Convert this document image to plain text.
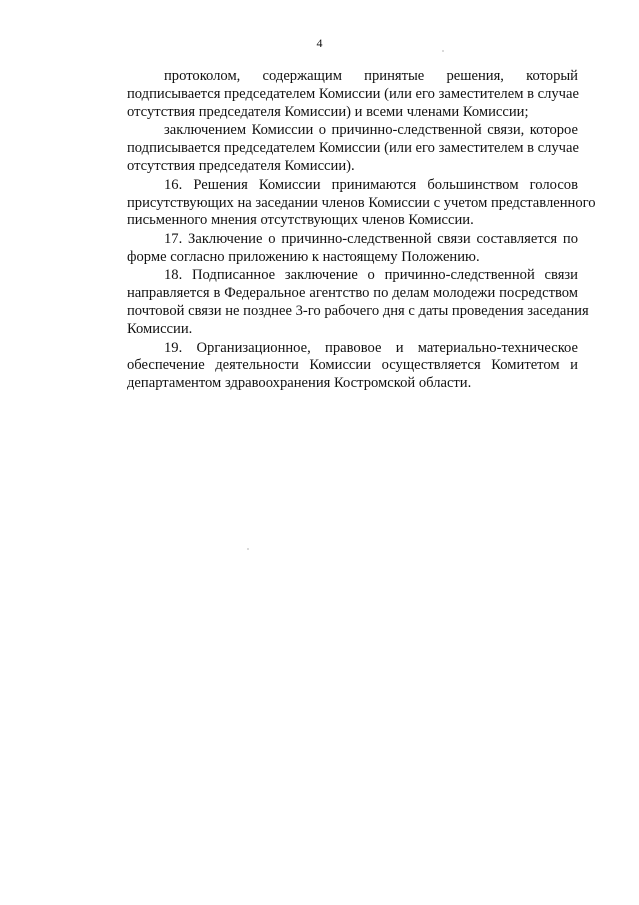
4
протоколом, содержащим принятые решения, который
подписывается председателем Комиссии (или его заместителем в случае
отсутствия председателя Комиссии) и всеми членами Комиссии;
заключением Комиссии о причинно-следственной связи, которое
подписывается председателем Комиссии (или его заместителем в случае
отсутствия председателя Комиссии).
16. Решения Комиссии принимаются большинством голосов
присутствующих на заседании членов Комиссии с учетом представленного
письменного мнения отсутствующих членов Комиссии.
17. Заключение о причинно-следственной связи составляется по
форме согласно приложению к настоящему Положению.
18. Подписанное заключение о причинно-следственной связи
направляется в Федеральное агентство по делам молодежи посредством
почтовой связи не позднее 3-го рабочего дня с даты проведения заседания
Комиссии.
19. Организационное, правовое и материально-техническое
обеспечение деятельности Комиссии осуществляется Комитетом и
департаментом здравоохранения Костромской области.
